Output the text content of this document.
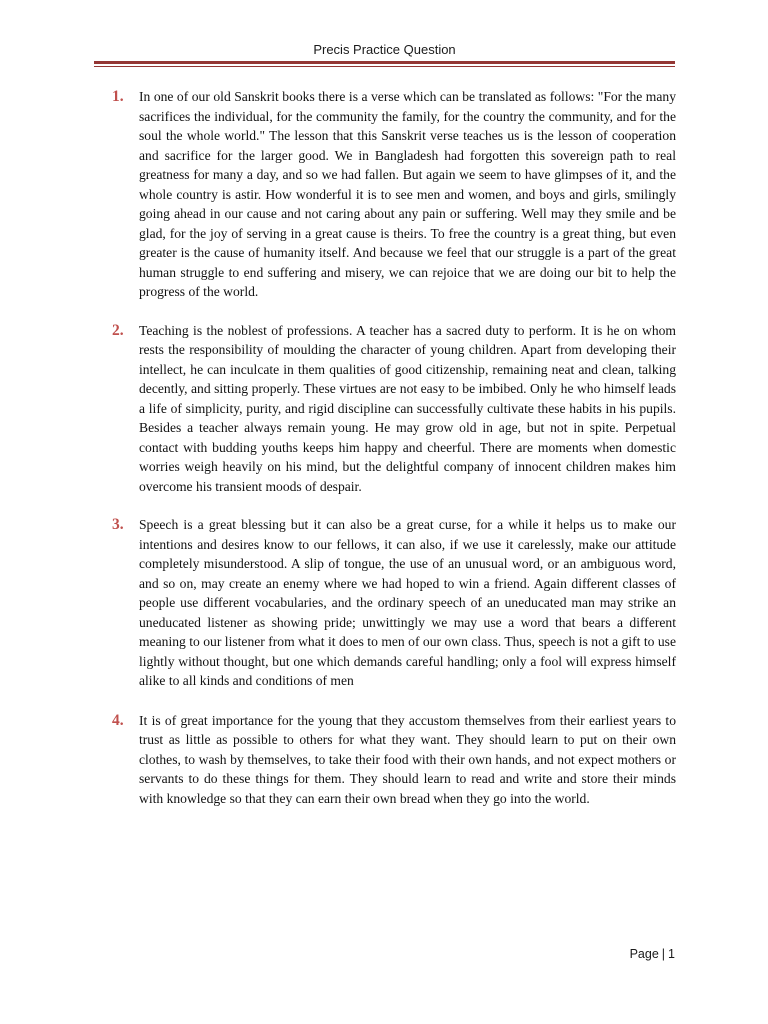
Precis Practice Question
1.	In one of our old Sanskrit books there is a verse which can be translated as follows: "For the many sacrifices the individual, for the community the family, for the country the community, and for the soul the whole world." The lesson that this Sanskrit verse teaches us is the lesson of cooperation and sacrifice for the larger good. We in Bangladesh had forgotten this sovereign path to real greatness for many a day, and so we had fallen. But again we seem to have glimpses of it, and the whole country is astir. How wonderful it is to see men and women, and boys and girls, smilingly going ahead in our cause and not caring about any pain or suffering. Well may they smile and be glad, for the joy of serving in a great cause is theirs. To free the country is a great thing, but even greater is the cause of humanity itself. And because we feel that our struggle is a part of the great human struggle to end suffering and misery, we can rejoice that we are doing our bit to help the progress of the world.

2.	Teaching is the noblest of professions. A teacher has a sacred duty to perform. It is he on whom rests the responsibility of moulding the character of young children. Apart from developing their intellect, he can inculcate in them qualities of good citizenship, remaining neat and clean, talking decently, and sitting properly. These virtues are not easy to be imbibed. Only he who himself leads a life of simplicity, purity, and rigid discipline can successfully cultivate these habits in his pupils. Besides a teacher always remain young. He may grow old in age, but not in spite. Perpetual contact with budding youths keeps him happy and cheerful. There are moments when domestic worries weigh heavily on his mind, but the delightful company of innocent children makes him overcome his transient moods of despair.

3.	Speech is a great blessing but it can also be a great curse, for a while it helps us to make our intentions and desires know to our fellows, it can also, if we use it carelessly, make our attitude completely misunderstood. A slip of tongue, the use of an unusual word, or an ambiguous word, and so on, may create an enemy where we had hoped to win a friend. Again different classes of people use different vocabularies, and the ordinary speech of an uneducated man may strike an uneducated listener as showing pride; unwittingly we may use a word that bears a different meaning to our listener from what it does to men of our own class. Thus, speech is not a gift to use lightly without thought, but one which demands careful handling; only a fool will express himself alike to all kinds and conditions of men

4.	It is of great importance for the young that they accustom themselves from their earliest years to trust as little as possible to others for what they want. They should learn to put on their own clothes, to wash by themselves, to take their food with their own hands, and not expect mothers or servants to do these things for them. They should learn to read and write and store their minds with knowledge so that they can earn their own bread when they go into the world.

Page | 1
